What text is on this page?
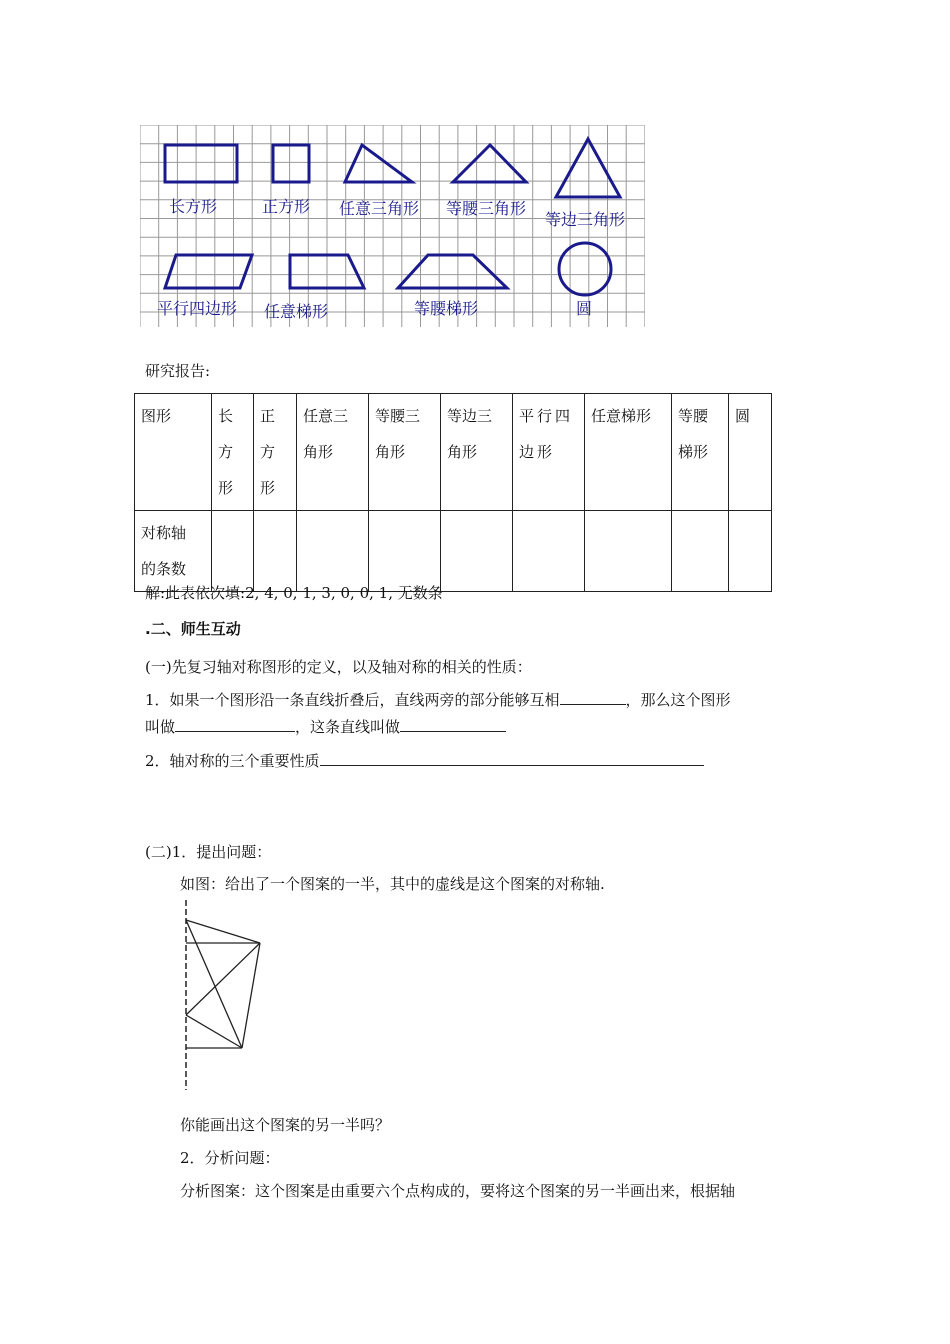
长方形	正方形 任意三角形 等腰三角形
等边三角形
平行四边形 任意梯形	等腰梯形	圆
研究报告:
图形	长方形	正方形	任意三角形	等腰三角形	等边三角形	平行四边形	任意梯形	等腰梯形	圆

对称轴的条数									

解:此表依次填:2, 4, 0, 1, 3, 0, 0, 1, 无数条
.二、师生互动
(一)先复习轴对称图形的定义，以及轴对称的相关的性质：
1．如果一个图形沿一条直线折叠后，直线两旁的部分能够互相	，那么这个图形
叫做	，这条直线叫做
2．轴对称的三个重要性质
(二)1．提出问题：
如图：给出了一个图案的一半，其中的虚线是这个图案的对称轴.
你能画出这个图案的另一半吗？
2．分析问题：
分析图案：这个图案是由重要六个点构成的，要将这个图案的另一半画出来，根据轴
